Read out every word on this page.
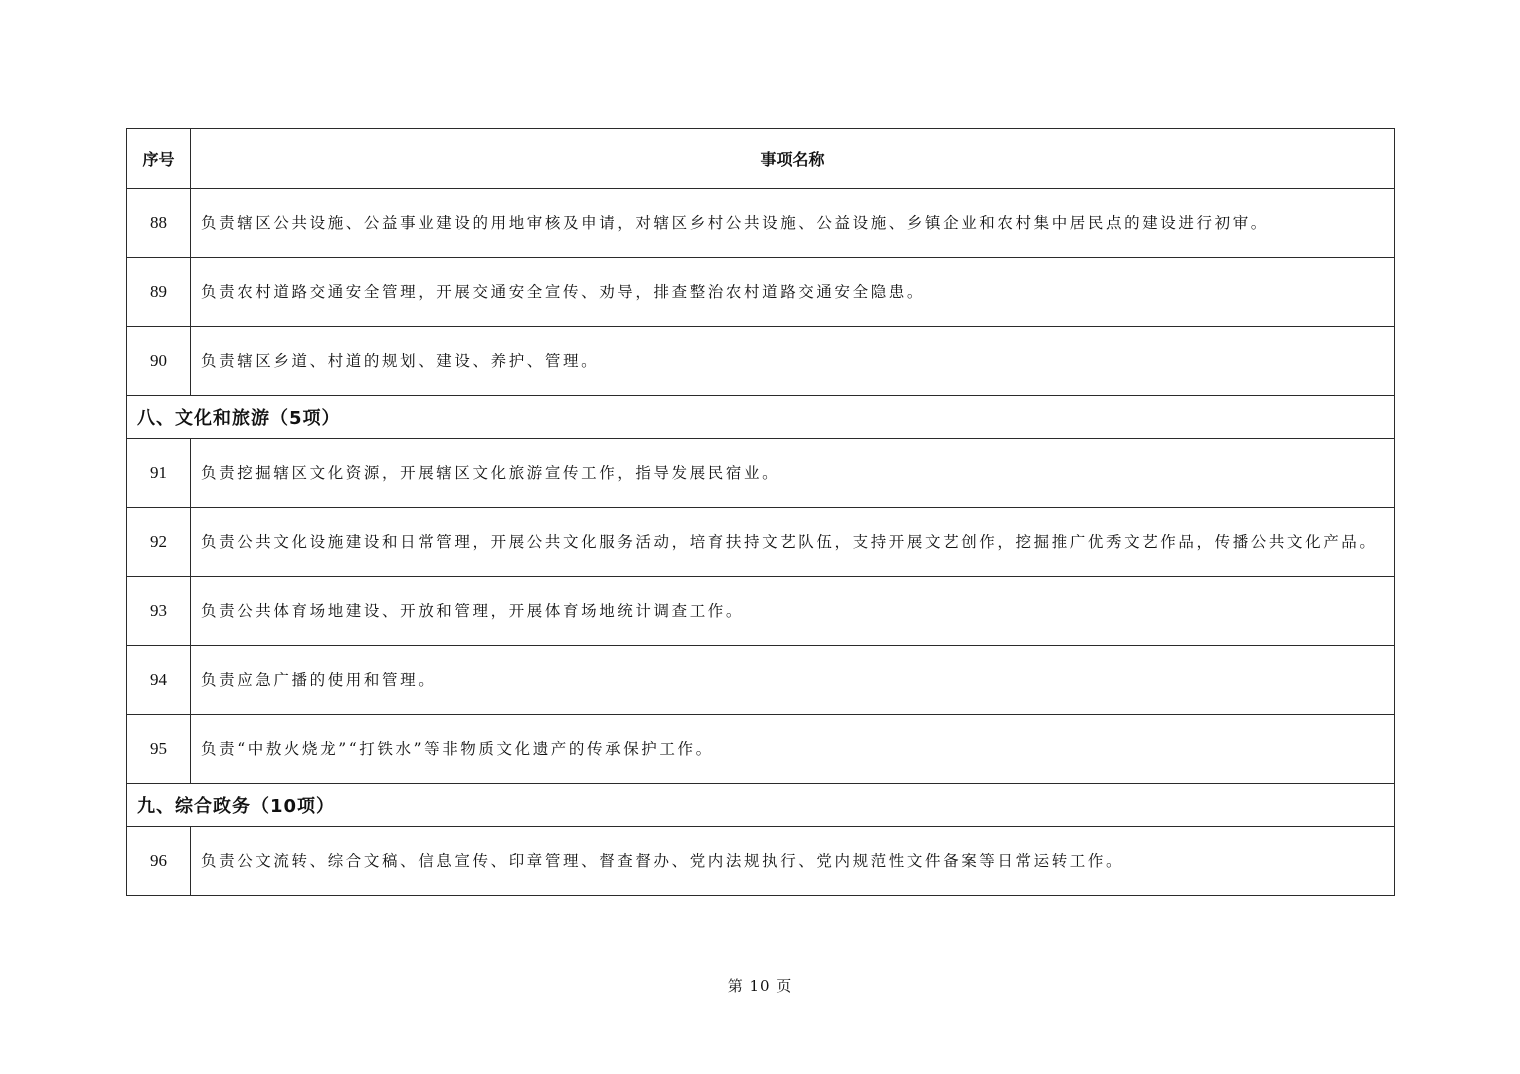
序号	事项名称
88	负责辖区公共设施、公益事业建设的用地审核及申请，对辖区乡村公共设施、公益设施、乡镇企业和农村集中居民点的建设进行初审。
89	负责农村道路交通安全管理，开展交通安全宣传、劝导，排查整治农村道路交通安全隐患。
90	负责辖区乡道、村道的规划、建设、养护、管理。
八、文化和旅游（5项）	
91	负责挖掘辖区文化资源，开展辖区文化旅游宣传工作，指导发展民宿业。
92	负责公共文化设施建设和日常管理，开展公共文化服务活动，培育扶持文艺队伍，支持开展文艺创作，挖掘推广优秀文艺作品，传播公共文化产品。
93	负责公共体育场地建设、开放和管理，开展体育场地统计调查工作。
94	负责应急广播的使用和管理。
95	负责“中敖火烧龙”“打铁水”等非物质文化遗产的传承保护工作。
九、综合政务（10项）	
96	负责公文流转、综合文稿、信息宣传、印章管理、督查督办、党内法规执行、党内规范性文件备案等日常运转工作。
第 10 页
